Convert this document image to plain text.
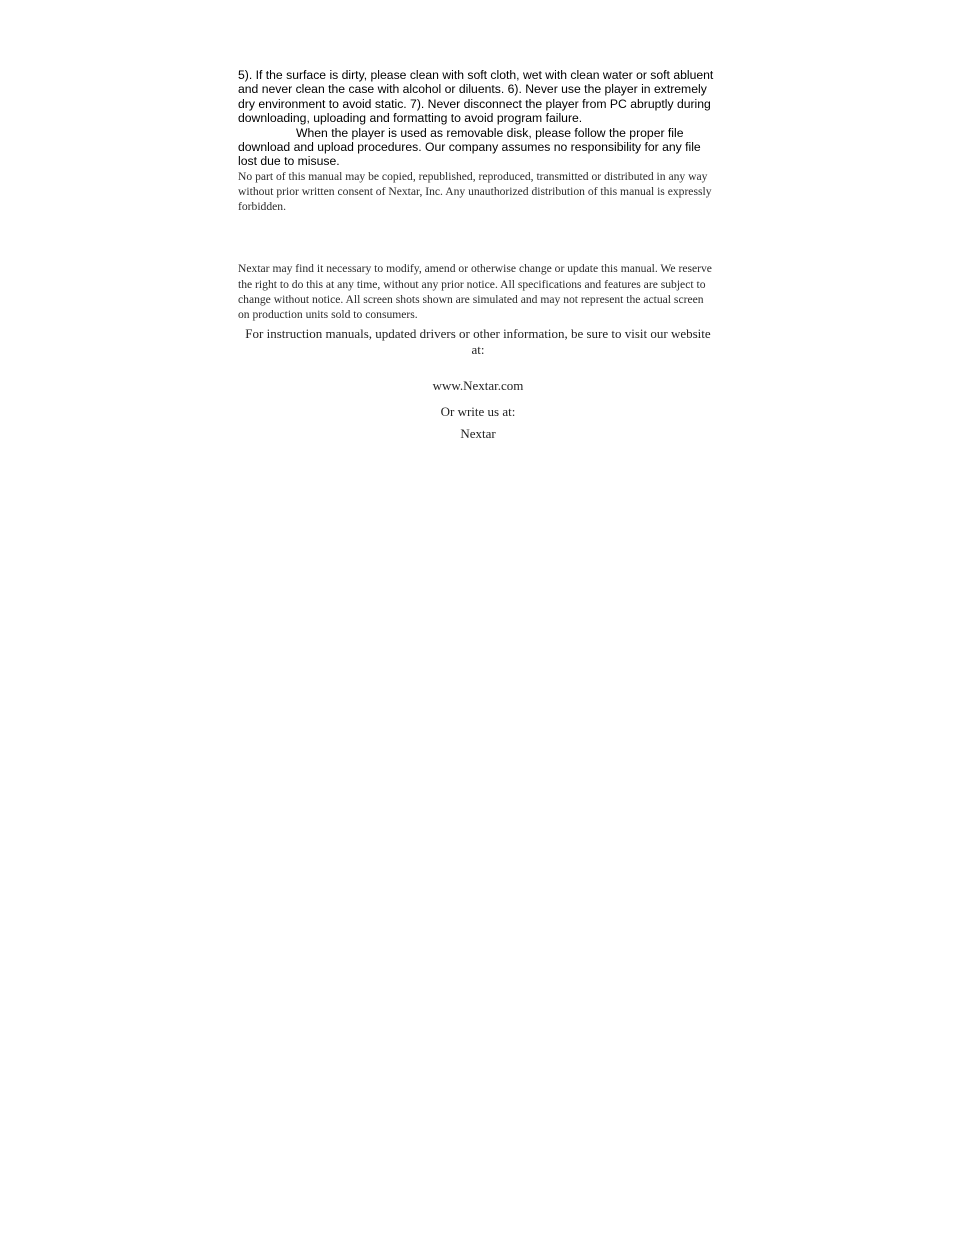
5). If the surface is dirty, please clean with soft cloth, wet with clean water or soft abluent and never clean the case with alcohol or diluents. 6). Never use the player in extremely dry environment to avoid static. 7). Never disconnect the player from PC abruptly during downloading, uploading and formatting to avoid program failure.
When the player is used as removable disk, please follow the proper file download and upload procedures. Our company assumes no responsibility for any file lost due to misuse.

No part of this manual may be copied, republished, reproduced, transmitted or distributed in any way without prior written consent of Nextar, Inc. Any unauthorized distribution of this manual is expressly forbidden.

Nextar may find it necessary to modify, amend or otherwise change or update this manual. We reserve the right to do this at any time, without any prior notice. All specifications and features are subject to change without notice. All screen shots shown are simulated and may not represent the actual screen on production units sold to consumers.

For instruction manuals, updated drivers or other information, be sure to visit our website at:

www.Nextar.com

Or write us at:

Nextar
